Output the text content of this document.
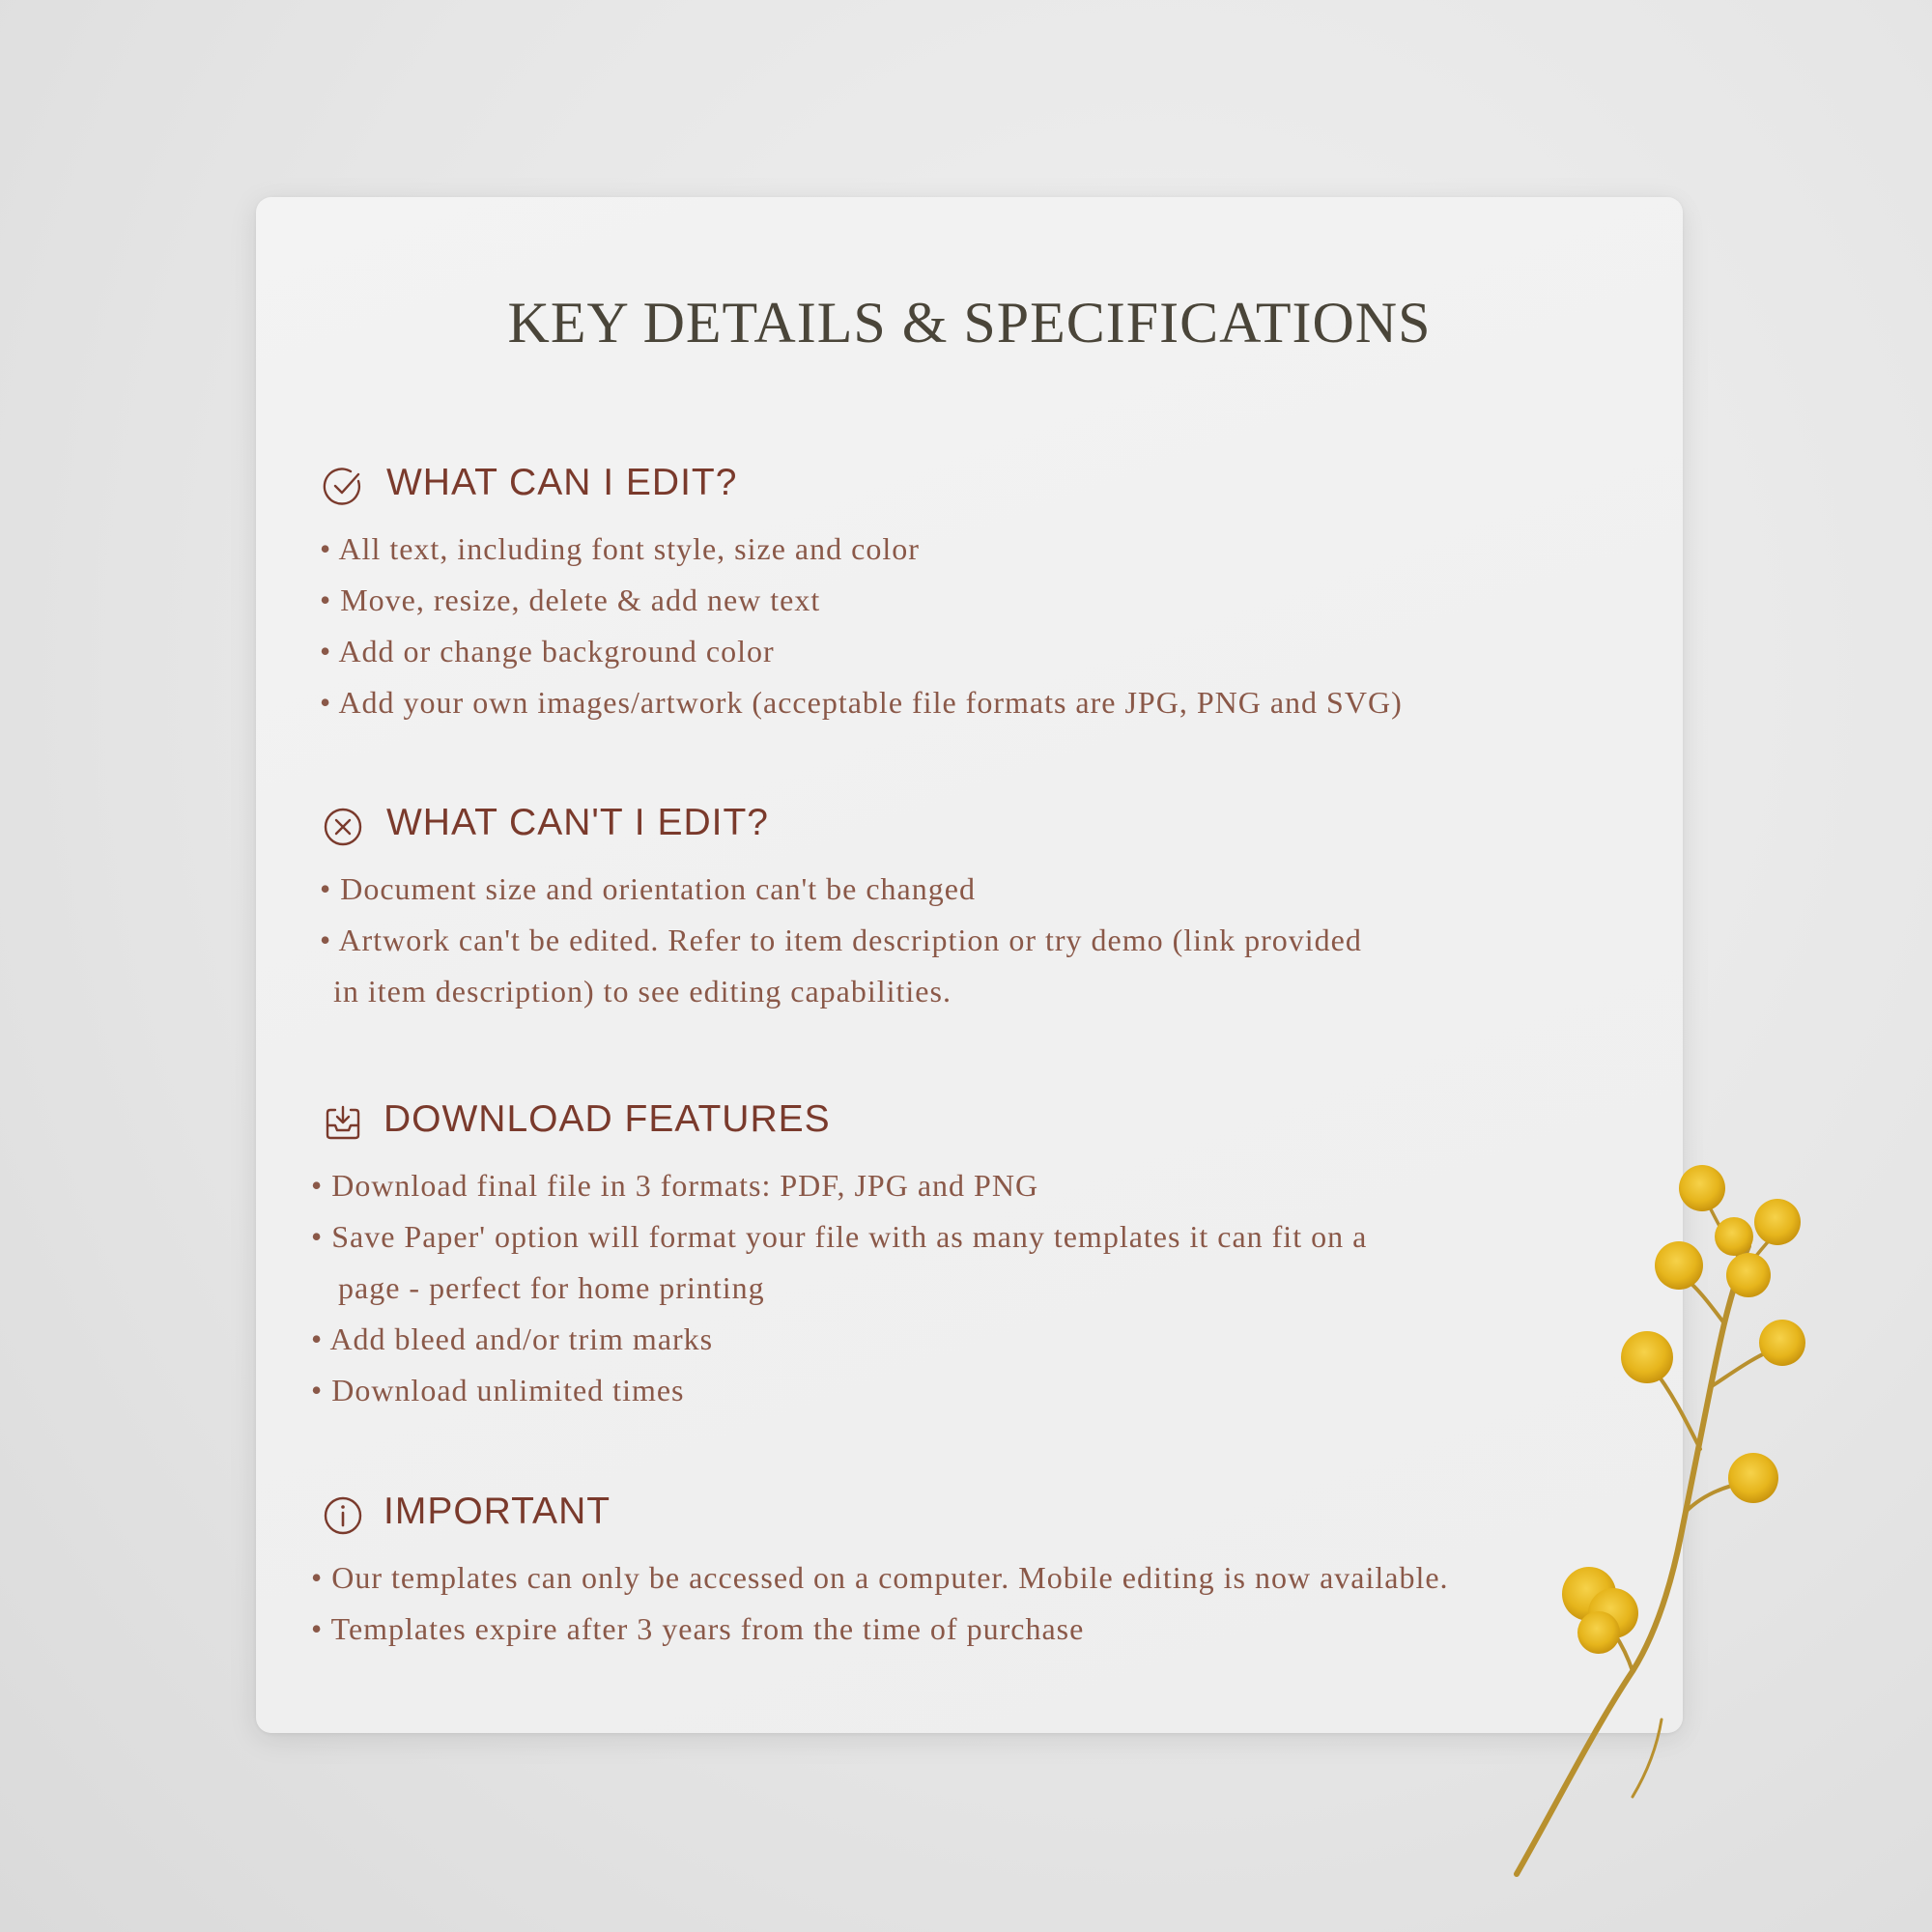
KEY DETAILS & SPECIFICATIONS
WHAT CAN I EDIT?
• All text, including font style, size and color
• Move, resize, delete & add new text
• Add or change background color
• Add your own images/artwork (acceptable file formats are JPG, PNG and SVG)
WHAT CAN'T I EDIT?
• Document size and orientation can't be changed
• Artwork can't be edited. Refer to item description or try demo (link provided
in item description) to see editing capabilities.
DOWNLOAD FEATURES
• Download final file in 3 formats: PDF, JPG and PNG
• Save Paper' option will format your file with as many templates it can fit on a
page - perfect for home printing
• Add bleed and/or trim marks
• Download unlimited times
IMPORTANT
• Our templates can only be accessed on a computer. Mobile editing is now available.
• Templates expire after 3 years from the time of purchase
